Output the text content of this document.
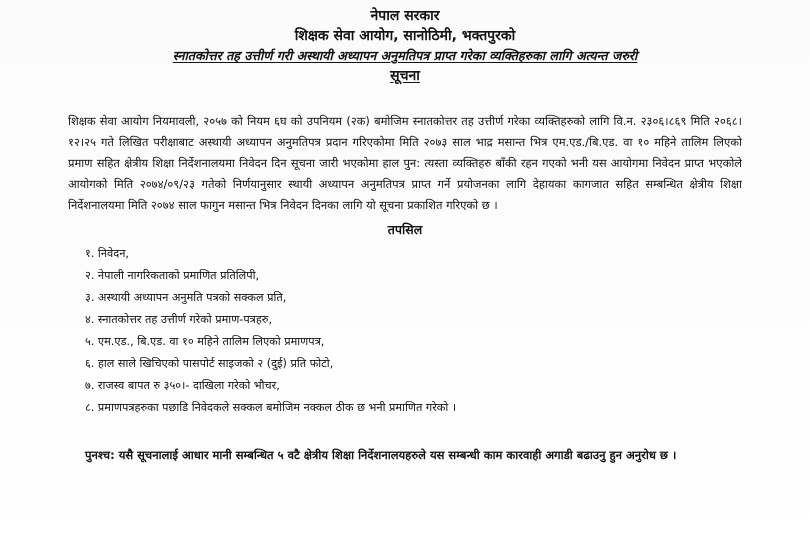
नेपाल सरकार
शिक्षक सेवा आयोग, सानोठिमी, भक्तपुरको
स्नातकोत्तर तह उत्तीर्ण गरी अस्थायी अध्यापन अनुमतिपत्र प्राप्त गरेका व्यक्तिहरुका लागि अत्यन्त जरुरी
सूचना
शिक्षक सेवा आयोग नियमावली, २०५७ को नियम ६घ को उपनियम (२क) बमोजिम स्नातकोत्तर तह उत्तीर्ण गरेका व्यक्तिहरुको लागि वि.न. २३०६।८६९ मिति २०६८।१२।२५ गते लिखित परीक्षाबाट अस्थायी अध्यापन अनुमतिपत्र प्रदान गरिएकोमा मिति २०७३ साल भाद्र मसान्त भित्र एम.एड./बि.एड. वा १० महिने तालिम लिएको प्रमाण सहित क्षेत्रीय शिक्षा निर्देशनालयमा निवेदन दिन सूचना जारी भएकोमा हाल पुन: त्यस्ता व्यक्तिहरु बाँकी रहन गएको भनी यस आयोगमा निवेदन प्राप्त भएकोले आयोगको मिति २०७४/०९/२३ गतेको निर्णयानुसार स्थायी अध्यापन अनुमतिपत्र प्राप्त गर्ने प्रयोजनका लागि देहायका कागजात सहित सम्बन्धित क्षेत्रीय शिक्षा निर्देशनालयमा मिति २०७४ साल फागुन मसान्त भित्र निवेदन दिनका लागि यो सूचना प्रकाशित गरिएको छ ।
तपसिल
१. निवेदन,
२. नेपाली नागरिकताको प्रमाणित प्रतिलिपी,
३. अस्थायी अध्यापन अनुमति पत्रको सक्कल प्रति,
४. स्नातकोत्तर तह उत्तीर्ण गरेको प्रमाण-पत्रहरु,
५. एम.एड., बि.एड. वा १० महिने तालिम लिएको प्रमाणपत्र,
६. हाल साले खिचिएको पासपोर्ट साइजको २ (दुई) प्रति फोटो,
७. राजस्व बापत रु ३५०।- दाखिला गरेको भौचर,
८. प्रमाणपत्रहरुका पछाडि निवेदकले सक्कल बमोजिम नक्कल ठीक छ भनी प्रमाणित गरेको ।
पुनश्च: यसै सूचनालाई आधार मानी सम्बन्धित ५ वटै क्षेत्रीय शिक्षा निर्देशनालयहरुले यस सम्बन्धी काम कारवाही अगाडी बढाउनु हुन अनुरोध छ ।
